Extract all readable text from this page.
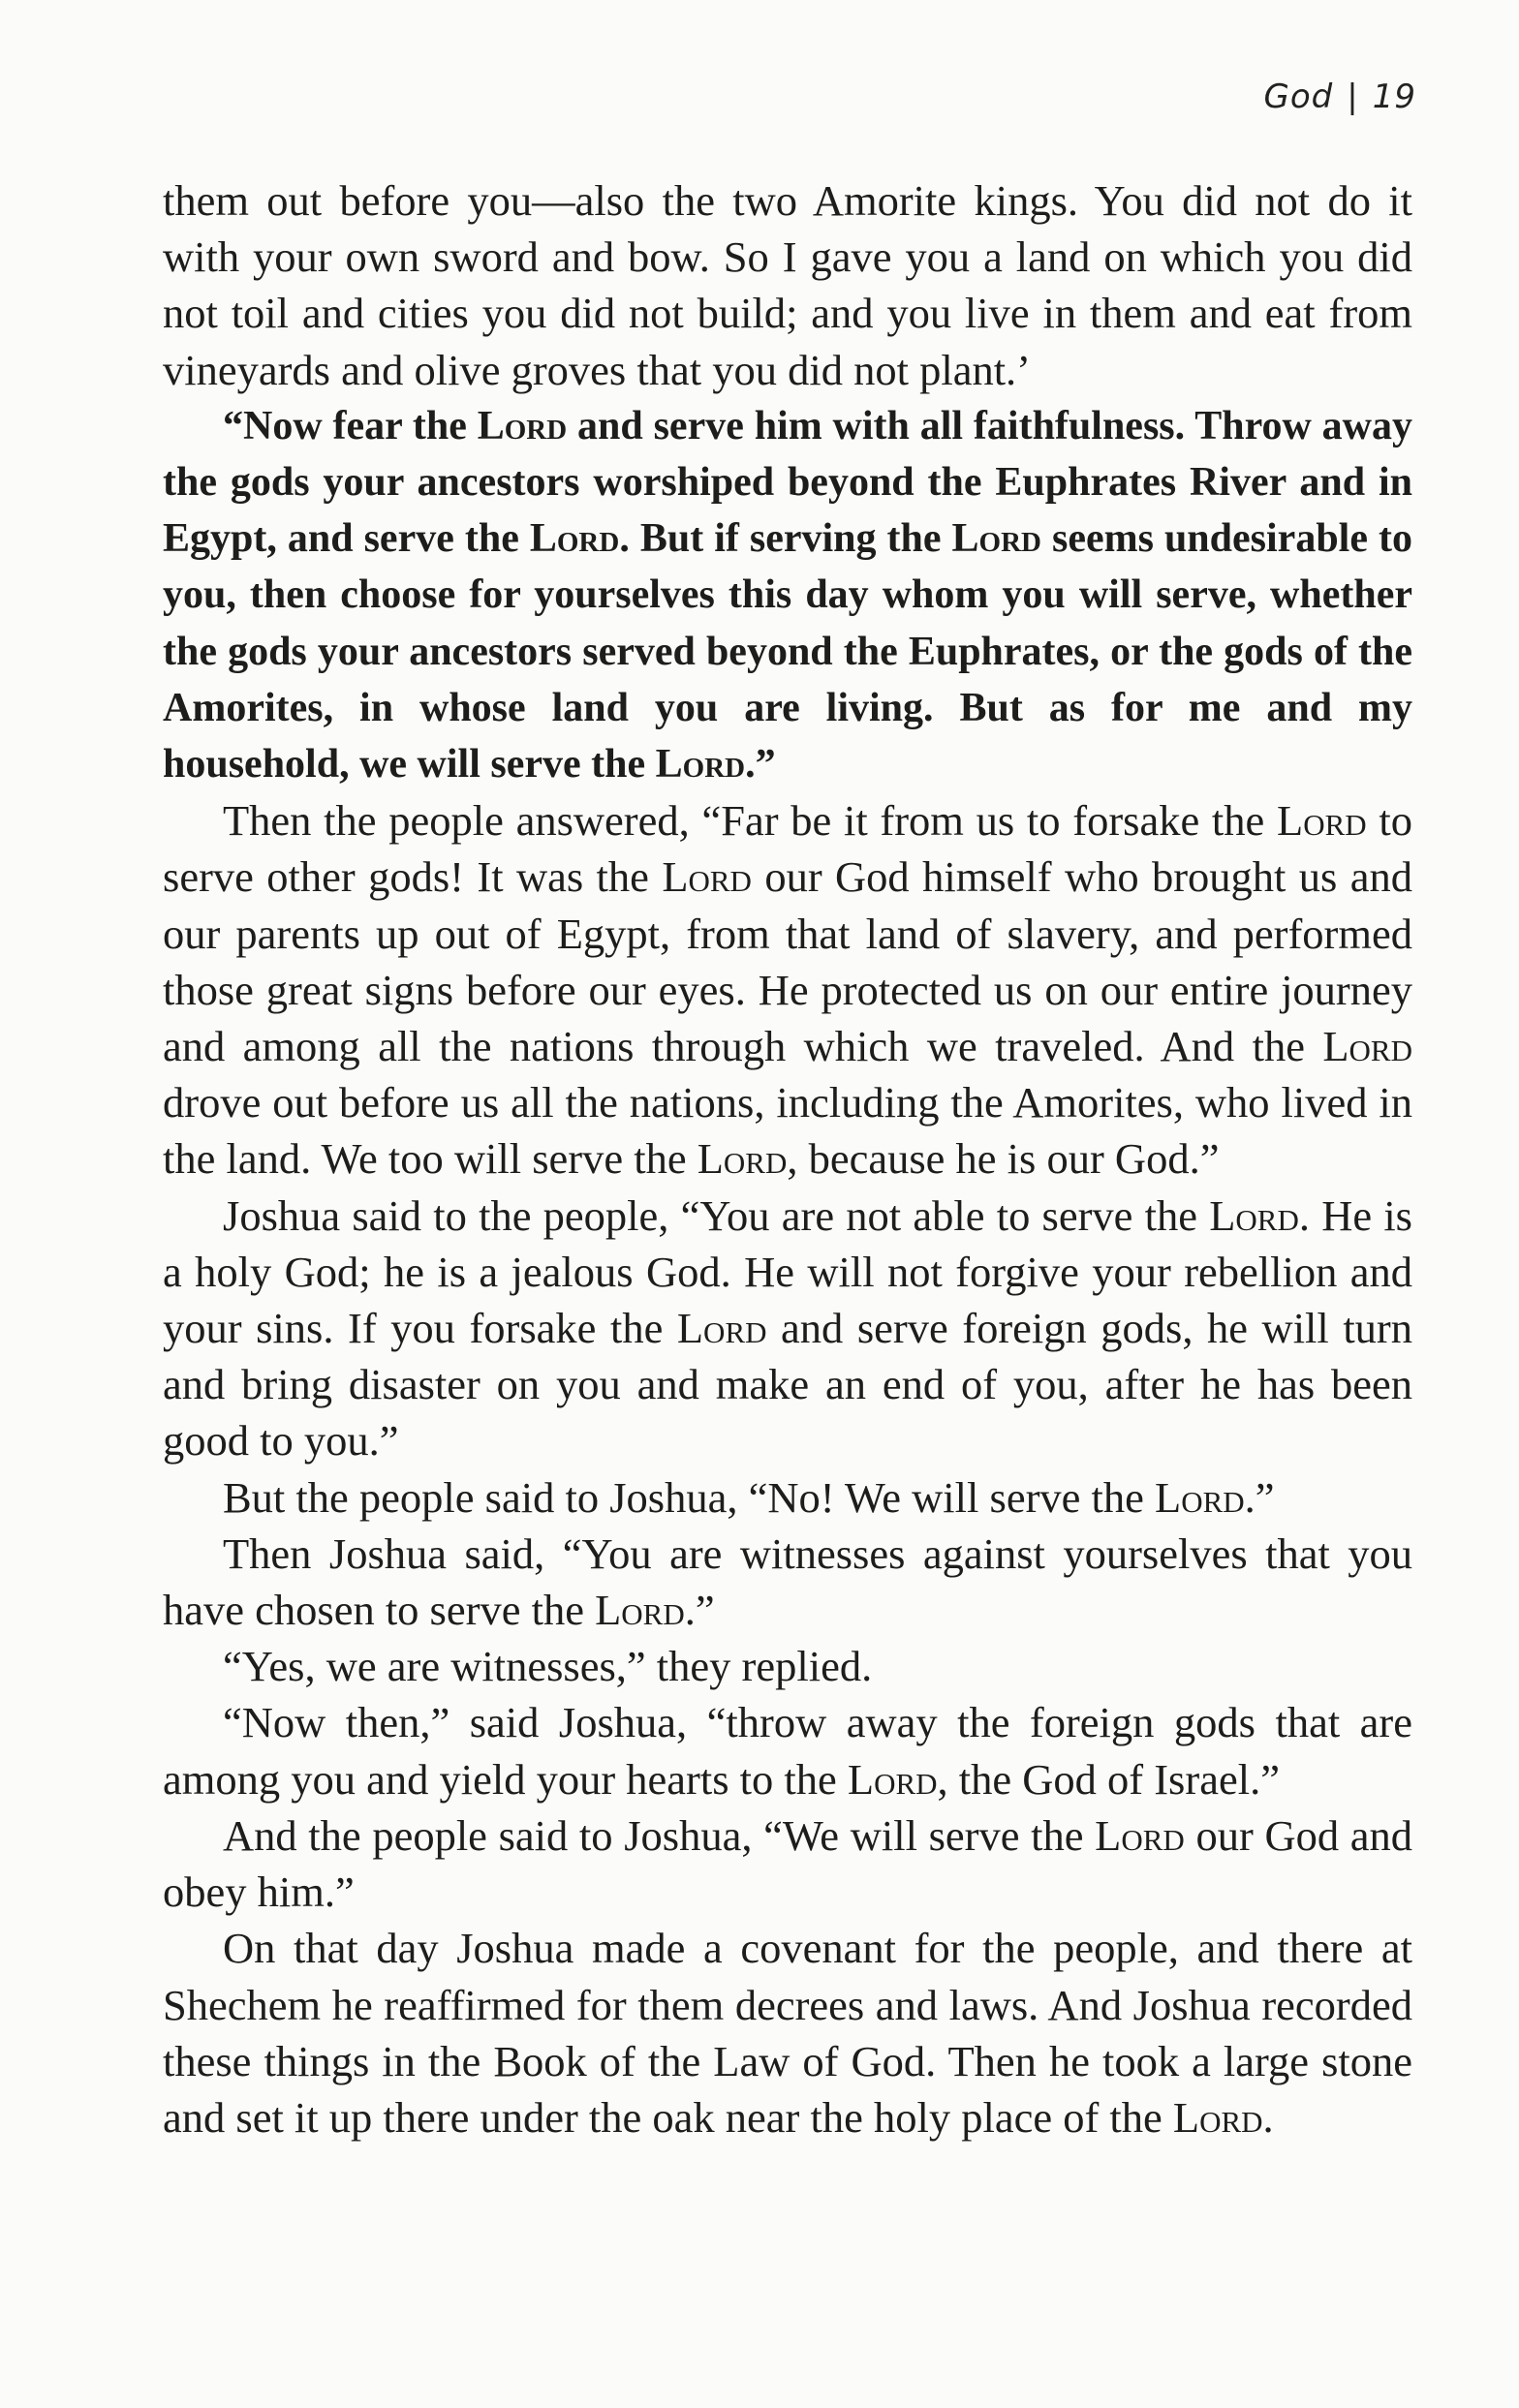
God | 19

them out before you—also the two Amorite kings. You did not do it with your own sword and bow. So I gave you a land on which you did not toil and cities you did not build; and you live in them and eat from vineyards and olive groves that you did not plant.’

“Now fear the Lord and serve him with all faithfulness. Throw away the gods your ancestors worshiped beyond the Euphrates River and in Egypt, and serve the Lord. But if serving the Lord seems undesirable to you, then choose for yourselves this day whom you will serve, whether the gods your ancestors served beyond the Euphrates, or the gods of the Amorites, in whose land you are living. But as for me and my household, we will serve the Lord.”

Then the people answered, “Far be it from us to forsake the Lord to serve other gods! It was the Lord our God himself who brought us and our parents up out of Egypt, from that land of slavery, and performed those great signs before our eyes. He protected us on our entire journey and among all the nations through which we traveled. And the Lord drove out before us all the nations, including the Amorites, who lived in the land. We too will serve the Lord, because he is our God.”

Joshua said to the people, “You are not able to serve the Lord. He is a holy God; he is a jealous God. He will not forgive your rebellion and your sins. If you forsake the Lord and serve foreign gods, he will turn and bring disaster on you and make an end of you, after he has been good to you.”

But the people said to Joshua, “No! We will serve the Lord.”

Then Joshua said, “You are witnesses against yourselves that you have chosen to serve the Lord.”

“Yes, we are witnesses,” they replied.

“Now then,” said Joshua, “throw away the foreign gods that are among you and yield your hearts to the Lord, the God of Israel.”

And the people said to Joshua, “We will serve the Lord our God and obey him.”

On that day Joshua made a covenant for the people, and there at Shechem he reaffirmed for them decrees and laws. And Joshua recorded these things in the Book of the Law of God. Then he took a large stone and set it up there under the oak near the holy place of the Lord.
